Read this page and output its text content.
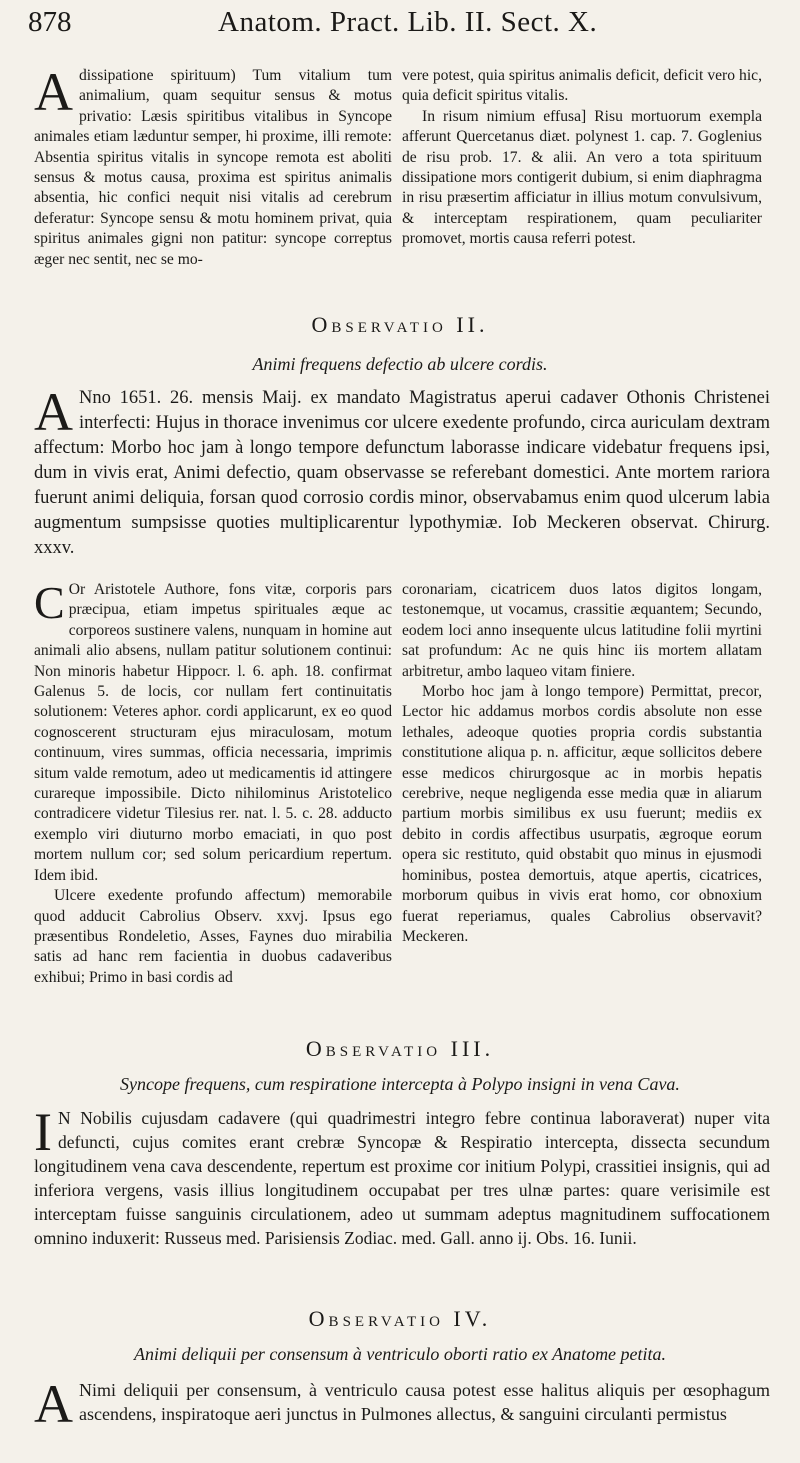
878	Anatom. Pract. Lib. II. Sect. X.

Adissipatione spirituum) Tum vitalium tum animalium, quam sequitur sensus & motus privatio: Læsis spiritibus vitalibus in Syncope animales etiam læduntur semper, hi proxime, illi remote: Absentia spiritus vitalis in syncope remota est aboliti sensus & motus causa, proxima est spiritus animalis absentia, hic confici nequit nisi vitalis ad cerebrum deferatur: Syncope sensu & motu hominem privat, quia spiritus animales gigni non patitur: syncope correptus æger nec sentit, nec se mo-

vere potest, quia spiritus animalis deficit, deficit vero hic, quia deficit spiritus vitalis.

In risum nimium effusa] Risu mortuorum exempla afferunt Quercetanus diæt. polynest 1. cap. 7. Goglenius de risu prob. 17. & alii. An vero a tota spirituum dissipatione mors contigerit dubium, si enim diaphragma in risu præsertim afficiatur in illius motum convulsivum, & interceptam respirationem, quam peculiariter promovet, mortis causa referri potest.

Observatio II.
Animi frequens defectio ab ulcere cordis.

A Nno 1651. 26. mensis Maij. ex mandato Magistratus aperui cadaver Othonis Christenei interfecti: Hujus in thorace invenimus cor ulcere exedente profundo, circa auriculam dextram affectum: Morbo hoc jam à longo tempore defunctum laborasse indicare videbatur frequens ipsi, dum in vivis erat, Animi defectio, quam observasse se referebant domestici. Ante mortem rariora fuerunt animi deliquia, forsan quod corrosio cordis minor, observabamus enim quod ulcerum labia augmentum sumpsisse quoties multiplicarentur lypothymiæ. Iob Meckeren observat. Chirurg. xxxv.

C Or Aristotele Authore, fons vitæ, corporis pars præcipua, etiam impetus spirituales æque ac corporeos sustinere valens, nunquam in homine aut animali alio absens, nullam patitur solutionem continui: Non minoris habetur Hippocr. l. 6. aph. 18. confirmat Galenus 5. de locis, cor nullam fert continuitatis solutionem: Veteres aphor. cordi applicarunt, ex eo quod cognoscerent structuram ejus miraculosam, motum continuum, vires summas, officia necessaria, imprimis situm valde remotum, adeo ut medicamentis id attingere curareque impossibile. Dicto nihilominus Aristotelico contradicere videtur Tilesius rer. nat. l. 5. c. 28. adducto exemplo viri diuturno morbo emaciati, in quo post mortem nullum cor; sed solum pericardium repertum. Idem ibid.

Ulcere exedente profundo affectum) memorabile quod adducit Cabrolius Observ. xxvj. Ipsus ego præsentibus Rondeletio, Asses, Faynes duo mirabilia satis ad hanc rem facientia in duobus cadaveribus exhibui; Primo in basi cordis ad

coronariam, cicatricem duos latos digitos longam, testonemque, ut vocamus, crassitie æquantem; Secundo, eodem loci anno insequente ulcus latitudine folii myrtini sat profundum: Ac ne quis hinc iis mortem allatam arbitretur, ambo laqueo vitam finiere.

Morbo hoc jam à longo tempore) Permittat, precor, Lector hic addamus morbos cordis absolute non esse lethales, adeoque quoties propria cordis substantia constitutione aliqua p. n. afficitur, æque sollicitos debere esse medicos chirurgosque ac in morbis hepatis cerebrive, neque negligenda esse media quæ in aliarum partium morbis similibus ex usu fuerunt; mediis ex debito in cordis affectibus usurpatis, ægroque eorum opera sic restituto, quid obstabit quo minus in ejusmodi hominibus, postea demortuis, atque apertis, cicatrices, morborum quibus in vivis erat homo, cor obnoxium fuerat reperiamus, quales Cabrolius observavit? Meckeren.

Observatio III.
Syncope frequens, cum respiratione intercepta à Polypo insigni in vena Cava.

I N Nobilis cujusdam cadavere (qui quadrimestri integro febre continua laboraverat) nuper vita defuncti, cujus comites erant crebræ Syncopæ & Respiratio intercepta, dissecta secundum longitudinem vena cava descendente, repertum est proxime cor initium Polypi, crassitiei insignis, qui ad inferiora vergens, vasis illius longitudinem occupabat per tres ulnæ partes: quare verisimile est interceptam fuisse sanguinis circulationem, adeo ut summam adeptus magnitudinem suffocationem omnino induxerit: Russeus med. Parisiensis Zodiac. med. Gall. anno ij. Obs. 16. Iunii.

Observatio IV.
Animi deliquii per consensum à ventriculo oborti ratio ex Anatome petita.

A Nimi deliquii per consensum, à ventriculo causa potest esse halitus aliquis per œsophagum ascendens, inspiratoque aeri junctus in Pulmones allectus, & sanguini circulanti permistus
